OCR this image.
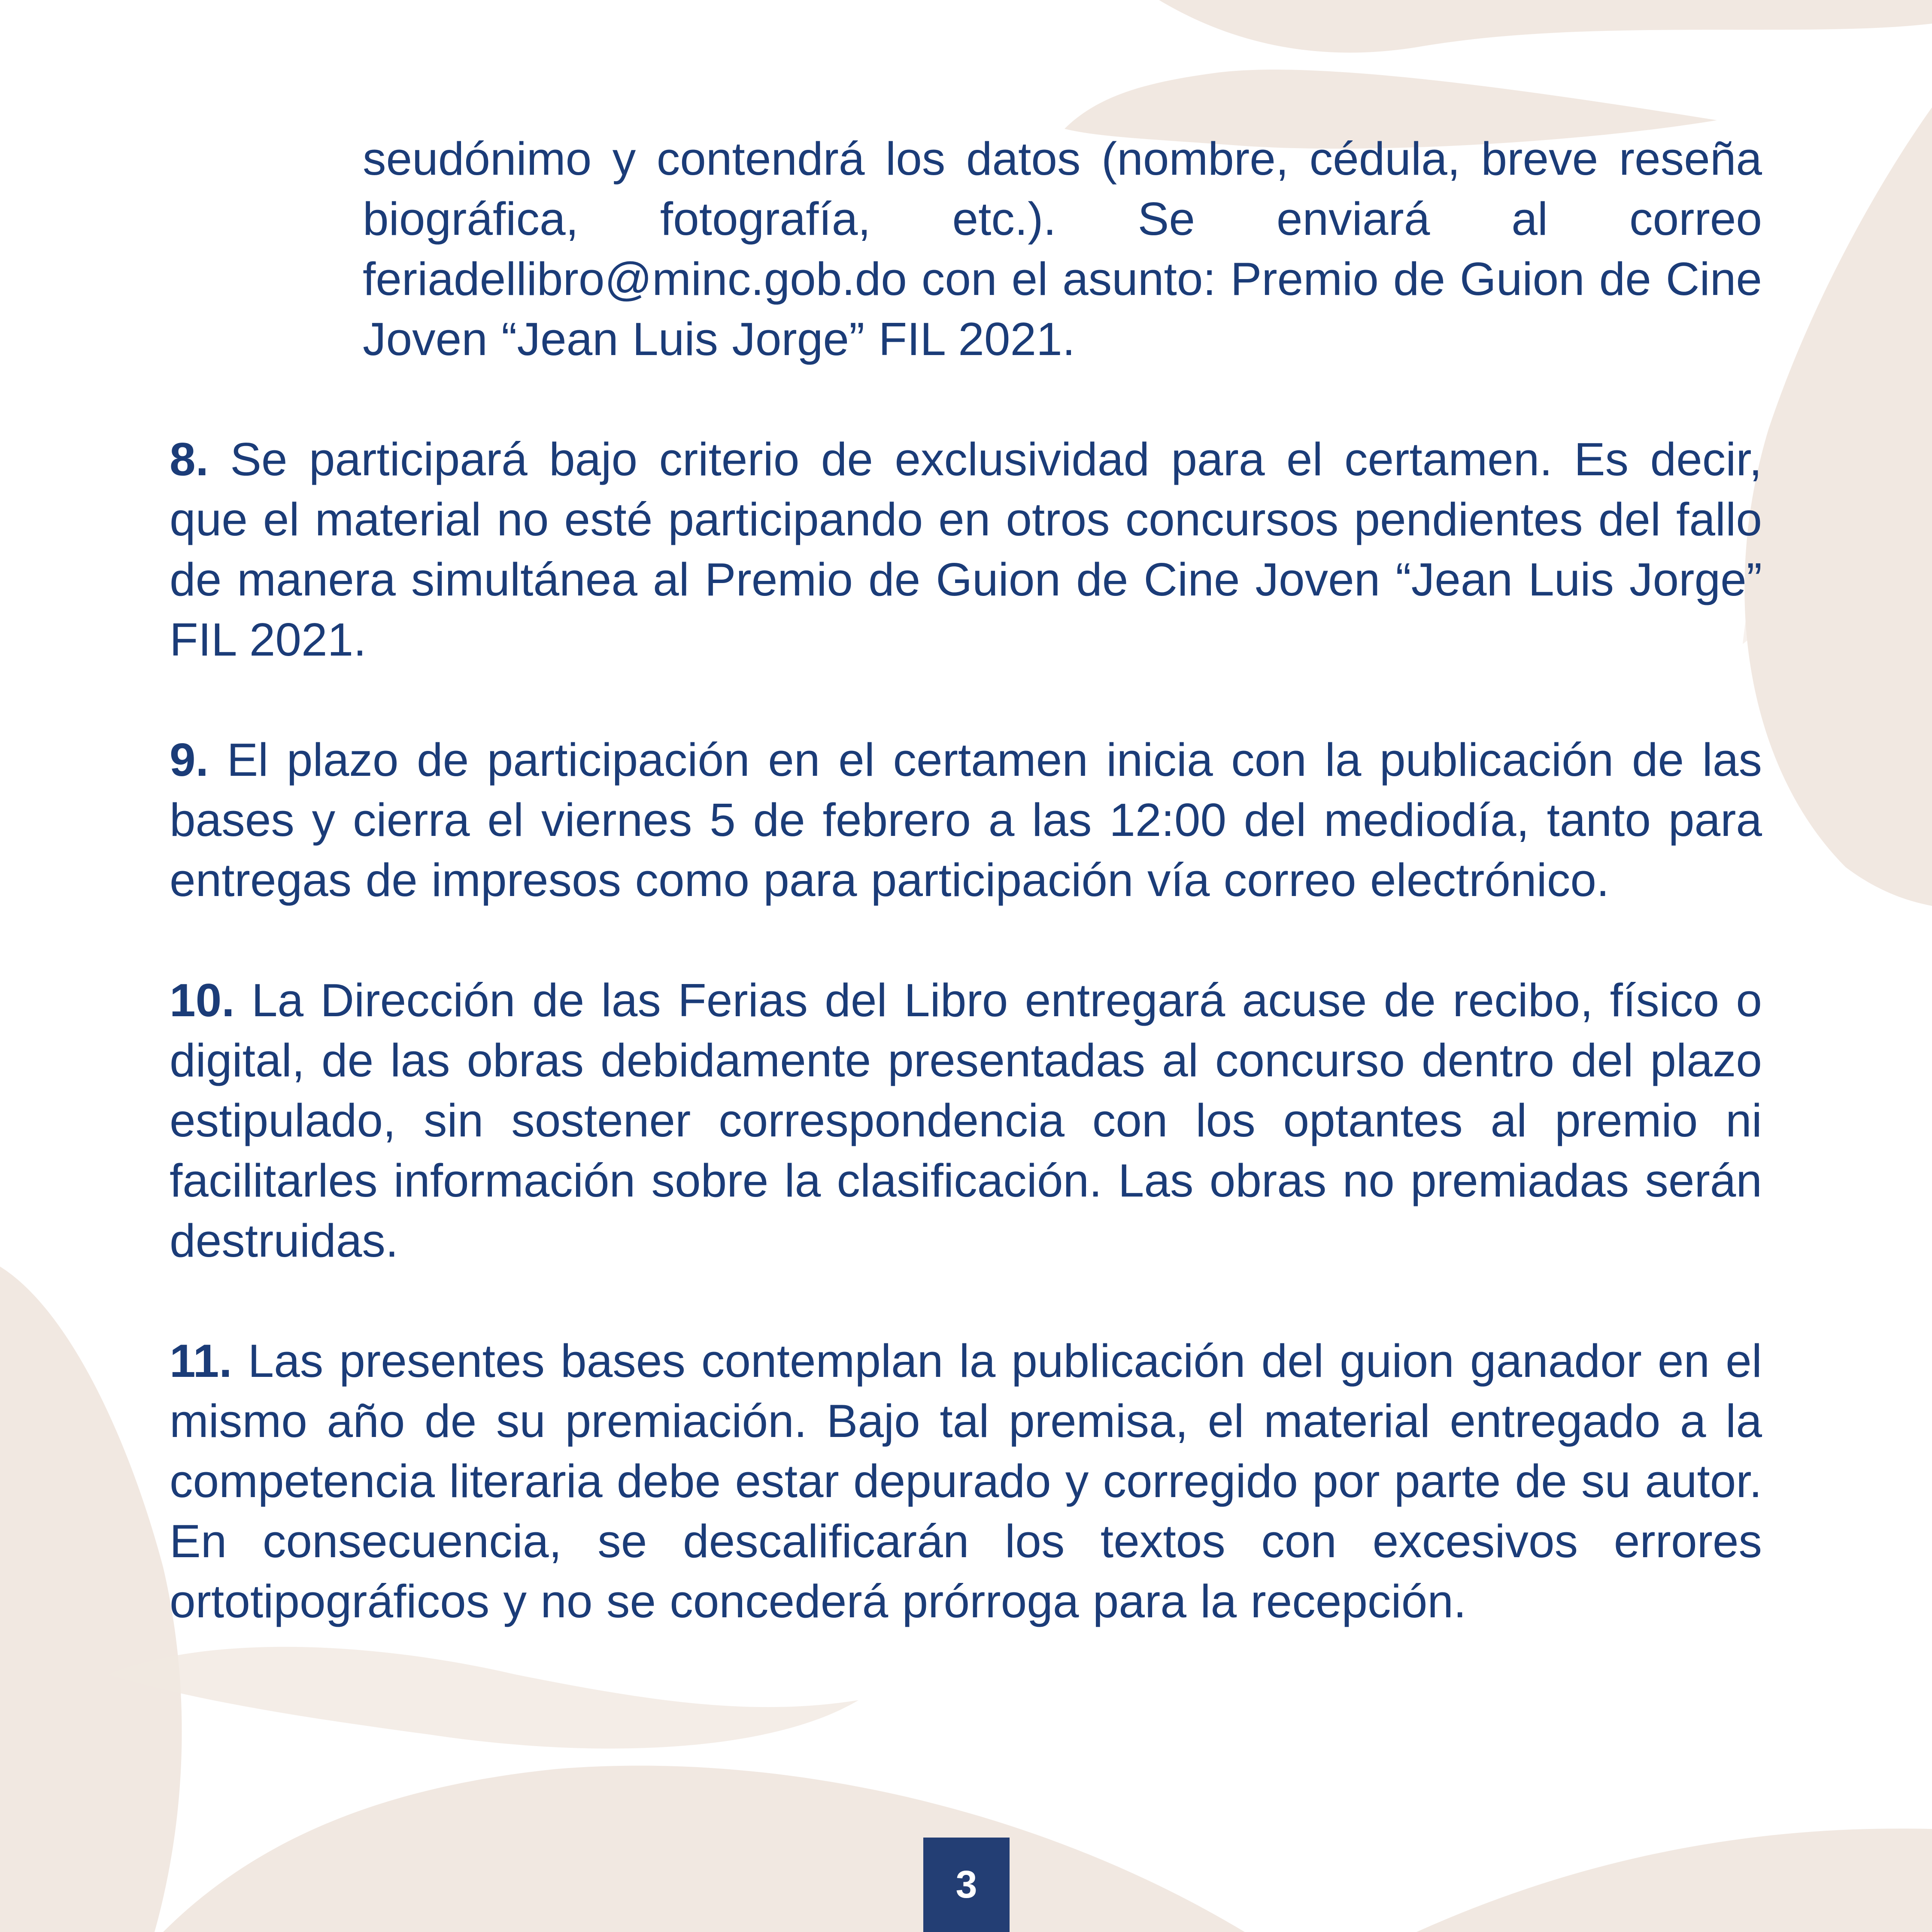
seudónimo y contendrá los datos (nombre, cédula, breve reseña biográfica, fotografía, etc.). Se enviará al correo feriadellibro@minc.gob.do con el asunto: Premio de Guion de Cine Joven “Jean Luis Jorge” FIL 2021.

8. Se participará bajo criterio de exclusividad para el certamen. Es decir, que el material no esté participando en otros concursos pendientes del fallo de manera simultánea al Premio de Guion de Cine Joven “Jean Luis Jorge” FIL 2021.

9. El plazo de participación en el certamen inicia con la publicación de las bases y cierra el viernes 5 de febrero a las 12:00 del mediodía, tanto para entregas de impresos como para participación vía correo electrónico.

10. La Dirección de las Ferias del Libro entregará acuse de recibo, físico o digital, de las obras debidamente presentadas al concurso dentro del plazo estipulado, sin sostener correspondencia con los optantes al premio ni facilitarles información sobre la clasificación. Las obras no premiadas serán destruidas.

11. Las presentes bases contemplan la publicación del guion ganador en el mismo año de su premiación. Bajo tal premisa, el material entregado a la competencia literaria debe estar depurado y corregido por parte de su autor. En consecuencia, se descalificarán los textos con excesivos errores ortotipográficos y no se concederá prórroga para la recepción.

3
